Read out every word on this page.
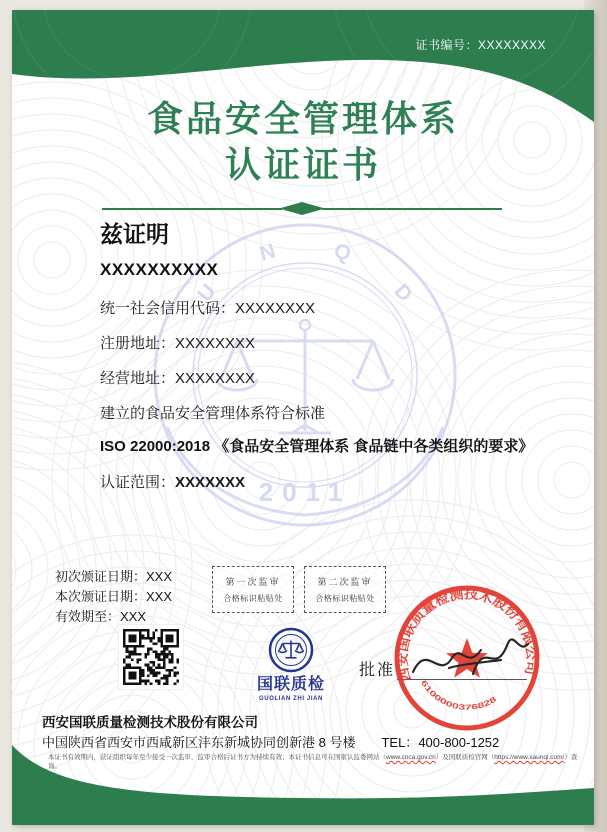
U
N	Q
D
2011
证书编号：XXXXXXXX
食品安全管理体系
认证证书
兹证明
XXXXXXXXXX
统一社会信用代码：XXXXXXXX
注册地址：XXXXXXXX
经营地址：XXXXXXXX
建立的食品安全管理体系符合标准
ISO 22000:2018 《食品安全管理体系 食品链中各类组织的要求》
认证范围：XXXXXXX
初次颁证日期：XXX
本次颁证日期：XXX
有效期至：XXX
第一次监审
合格标识粘贴处
第二次监审
合格标识粘贴处
国联质检
GUOLIAN ZHI JIAN
批准 西安国联质量检测技术股份有限公司
6100000376828
西安国联质量检测技术股份有限公司
中国陕西省西安市西咸新区沣东新城协同创新港 8 号楼 TEL：400-800-1252
本证书有效期内，获证组织每年至少接受一次监审，监审合格后证书方为持续有效；本证书信息可在国家认监委网站（www.cnca.gov.cn）及国联质检官网（https://www.xaunql.com/）查询。
